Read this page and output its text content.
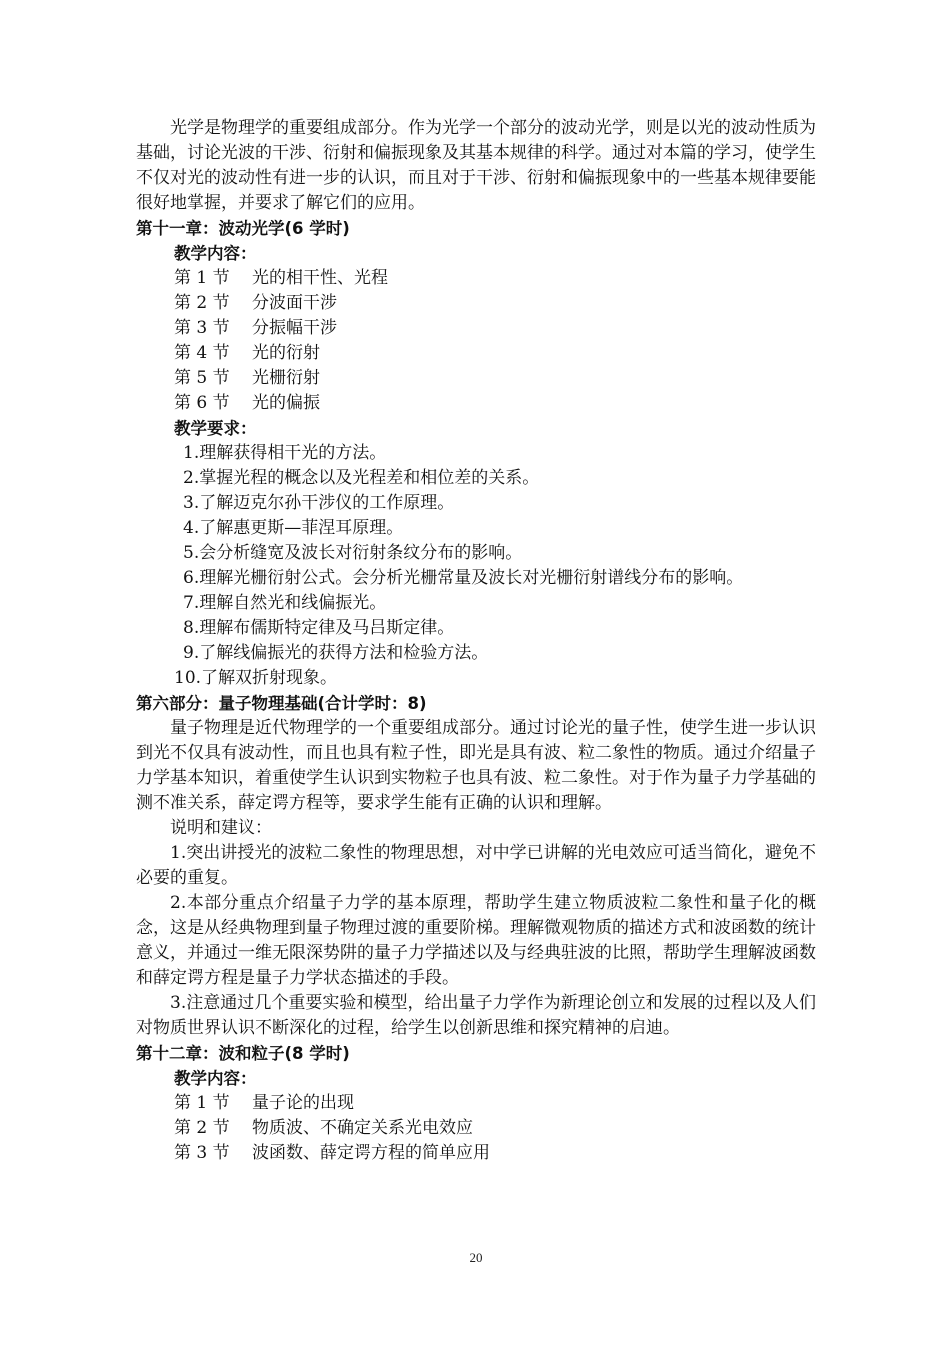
光学是物理学的重要组成部分。作为光学一个部分的波动光学，则是以光的波动性质为基础，讨论光波的干涉、衍射和偏振现象及其基本规律的科学。通过对本篇的学习，使学生不仅对光的波动性有进一步的认识，而且对于干涉、衍射和偏振现象中的一些基本规律要能很好地掌握，并要求了解它们的应用。

第十一章：波动光学(6 学时)

教学内容：

第 1 节 光的相干性、光程

第 2 节 分波面干涉

第 3 节 分振幅干涉

第 4 节 光的衍射

第 5 节 光栅衍射

第 6 节 光的偏振

教学要求：

1.理解获得相干光的方法。

2.掌握光程的概念以及光程差和相位差的关系。

3.了解迈克尔孙干涉仪的工作原理。

4.了解惠更斯—菲涅耳原理。

5.会分析缝宽及波长对衍射条纹分布的影响。

6.理解光栅衍射公式。会分析光栅常量及波长对光栅衍射谱线分布的影响。

7.理解自然光和线偏振光。

8.理解布儒斯特定律及马吕斯定律。

9.了解线偏振光的获得方法和检验方法。

10.了解双折射现象。

第六部分：量子物理基础(合计学时：8)

量子物理是近代物理学的一个重要组成部分。通过讨论光的量子性，使学生进一步认识到光不仅具有波动性，而且也具有粒子性，即光是具有波、粒二象性的物质。通过介绍量子力学基本知识，着重使学生认识到实物粒子也具有波、粒二象性。对于作为量子力学基础的测不准关系，薛定谔方程等，要求学生能有正确的认识和理解。

说明和建议：

1.突出讲授光的波粒二象性的物理思想，对中学已讲解的光电效应可适当简化，避免不必要的重复。

2.本部分重点介绍量子力学的基本原理，帮助学生建立物质波粒二象性和量子化的概念，这是从经典物理到量子物理过渡的重要阶梯。理解微观物质的描述方式和波函数的统计意义，并通过一维无限深势阱的量子力学描述以及与经典驻波的比照，帮助学生理解波函数和薛定谔方程是量子力学状态描述的手段。

3.注意通过几个重要实验和模型，给出量子力学作为新理论创立和发展的过程以及人们对物质世界认识不断深化的过程，给学生以创新思维和探究精神的启迪。

第十二章：波和粒子(8 学时)

教学内容：

第 1 节 量子论的出现

第 2 节 物质波、不确定关系光电效应

第 3 节 波函数、薛定谔方程的简单应用

20
